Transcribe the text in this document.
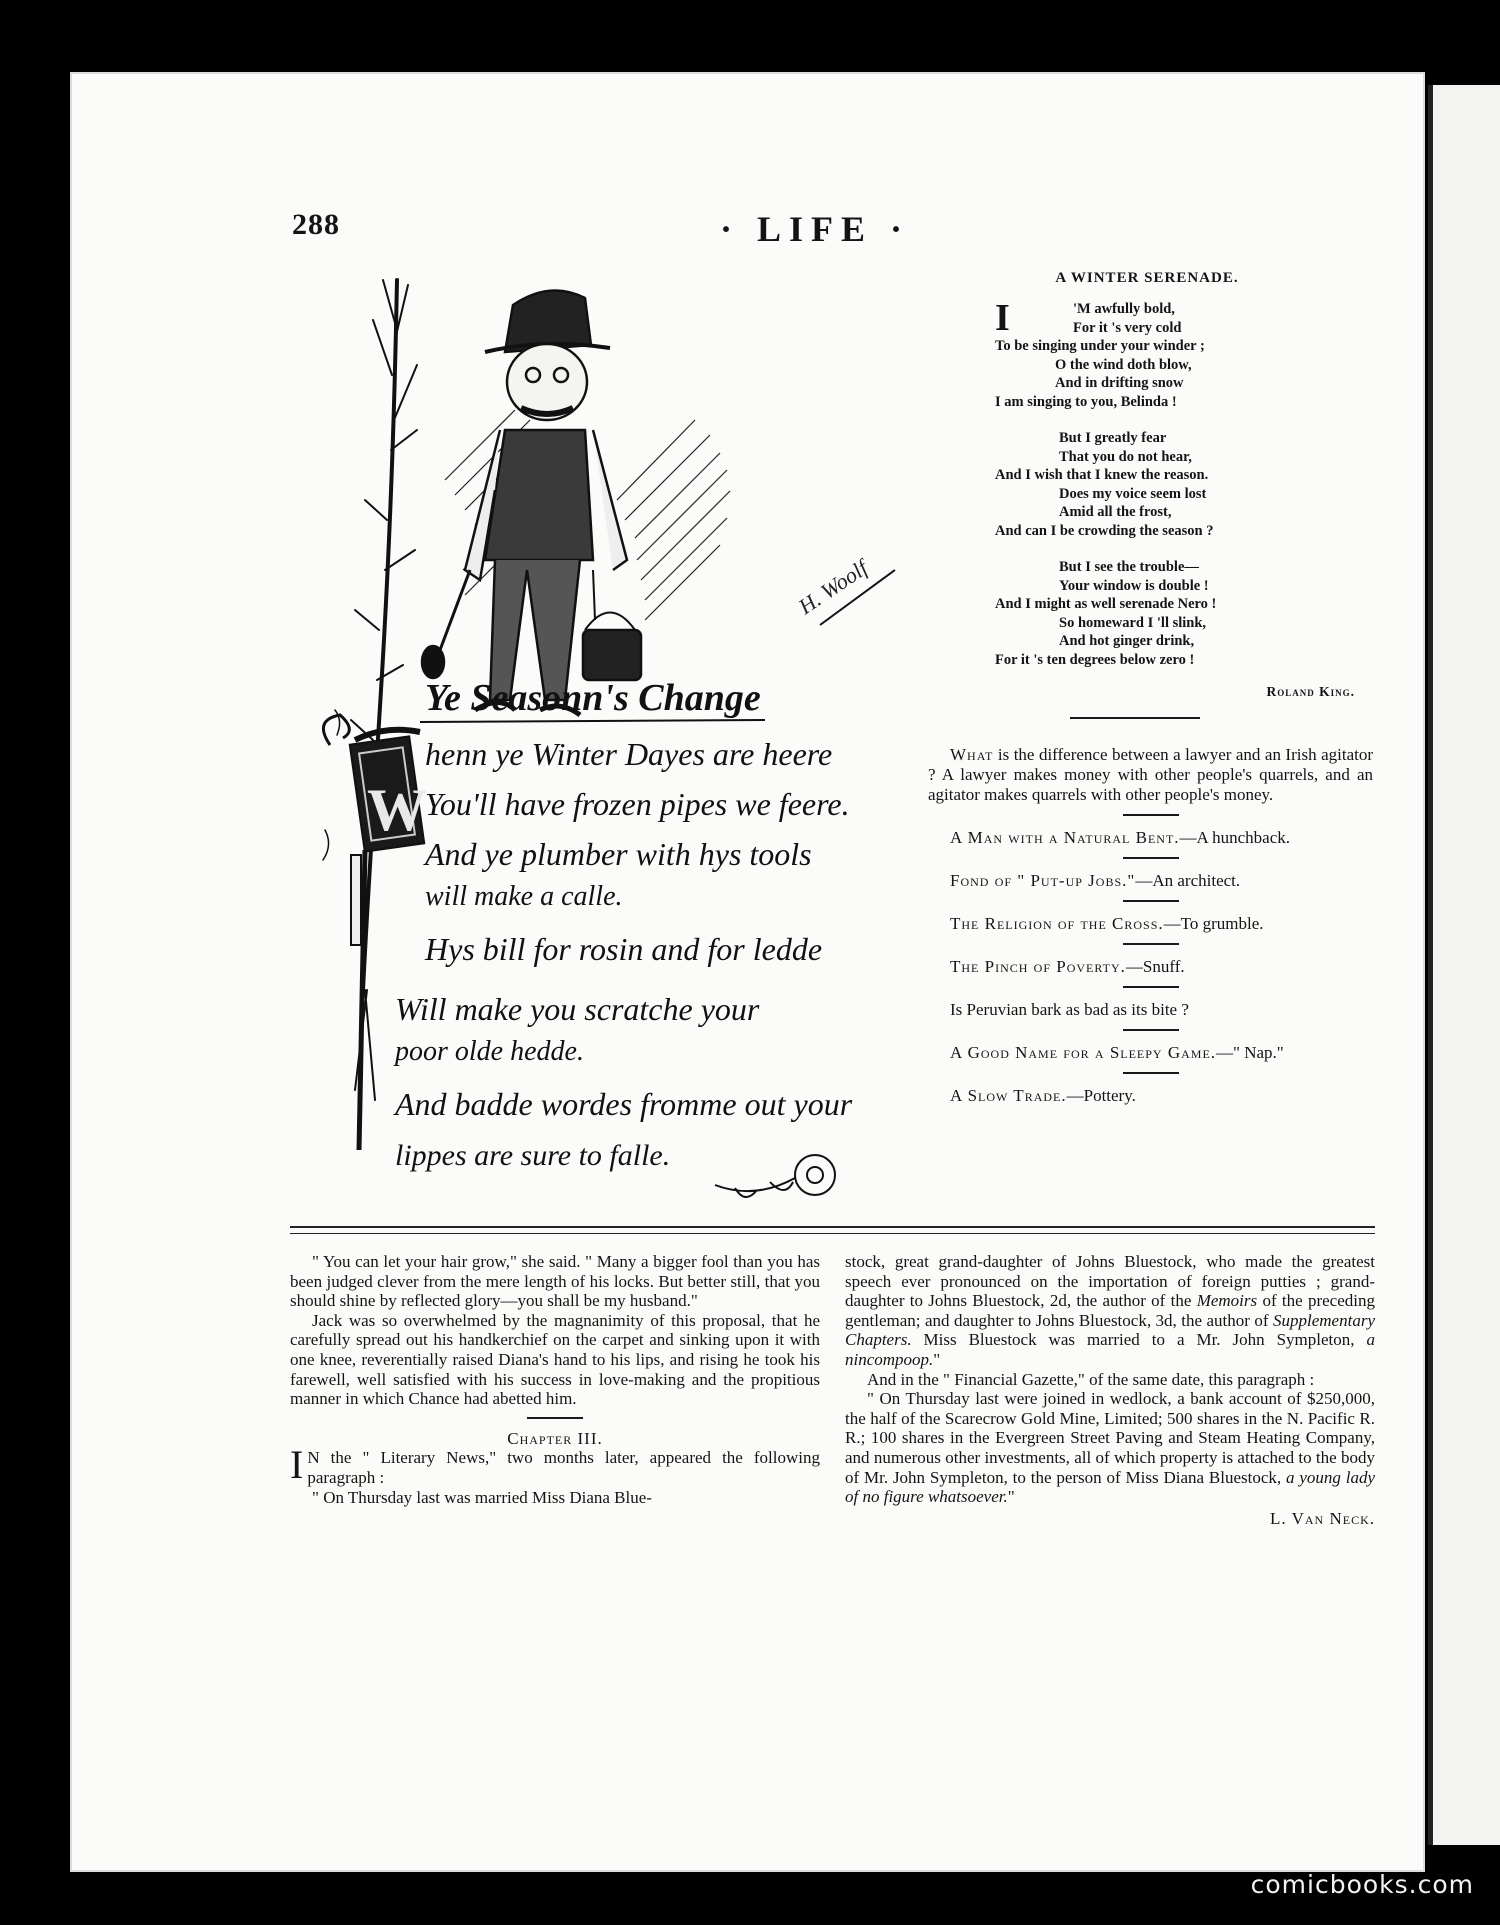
288	· LIFE ·
H. Woolf
W
Ye Seasonn's Change
henn ye Winter Dayes are heere
You'll have frozen pipes we feere.
And ye plumber with hys tools
will make a calle.
Hys bill for rosin and for ledde
Will make you scratche your
poor olde hedde.
And badde wordes fromme out your
lippes are sure to falle.
A WINTER SERENADE.
I	'M awfully bold,
For it 's very cold
To be singing under your winder ;
O the wind doth blow,
And in drifting snow
I am singing to you, Belinda !
But I greatly fear
That you do not hear,
And I wish that I knew the reason.
Does my voice seem lost
Amid all the frost,
And can I be crowding the season ?
But I see the trouble—
Your window is double !
And I might as well serenade Nero !
So homeward I 'll slink,
And hot ginger drink,
For it 's ten degrees below zero !
Roland King.
What is the difference between a lawyer and an Irish agitator ? A lawyer makes money with other people's quarrels, and an agitator makes quarrels with other people's money.
A Man with a Natural Bent.—A hunchback.
Fond of " Put-up Jobs."—An architect.
The Religion of the Cross.—To grumble.
The Pinch of Poverty.—Snuff.
Is Peruvian bark as bad as its bite ?
A Good Name for a Sleepy Game.—" Nap."
A Slow Trade.—Pottery.

" You can let your hair grow," she said. " Many a bigger fool than you has been judged clever from the mere length of his locks. But better still, that you should shine by reflected glory—you shall be my husband."

Jack was so overwhelmed by the magnanimity of this proposal, that he carefully spread out his handkerchief on the carpet and sinking upon it with one knee, reverentially raised Diana's hand to his lips, and rising he took his farewell, well satisfied with his success in love-making and the propitious manner in which Chance had abetted him.

Chapter III.

I N the " Literary News," two months later, appeared the following paragraph :

" On Thursday last was married Miss Diana Blue-

stock, great grand-daughter of Johns Bluestock, who made the greatest speech ever pronounced on the importation of foreign putties ; grand-daughter to Johns Bluestock, 2d, the author of the Memoirs of the preceding gentleman; and daughter to Johns Bluestock, 3d, the author of Supplementary Chapters. Miss Bluestock was married to a Mr. John Sympleton, a nincompoop."

And in the " Financial Gazette," of the same date, this paragraph :

" On Thursday last were joined in wedlock, a bank account of $250,000, the half of the Scarecrow Gold Mine, Limited; 500 shares in the N. Pacific R. R.; 100 shares in the Evergreen Street Paving and Steam Heating Company, and numerous other investments, all of which property is attached to the body of Mr. John Sympleton, to the person of Miss Diana Bluestock, a young lady of no figure whatsoever."

L. Van Neck.
comicbooks.com
